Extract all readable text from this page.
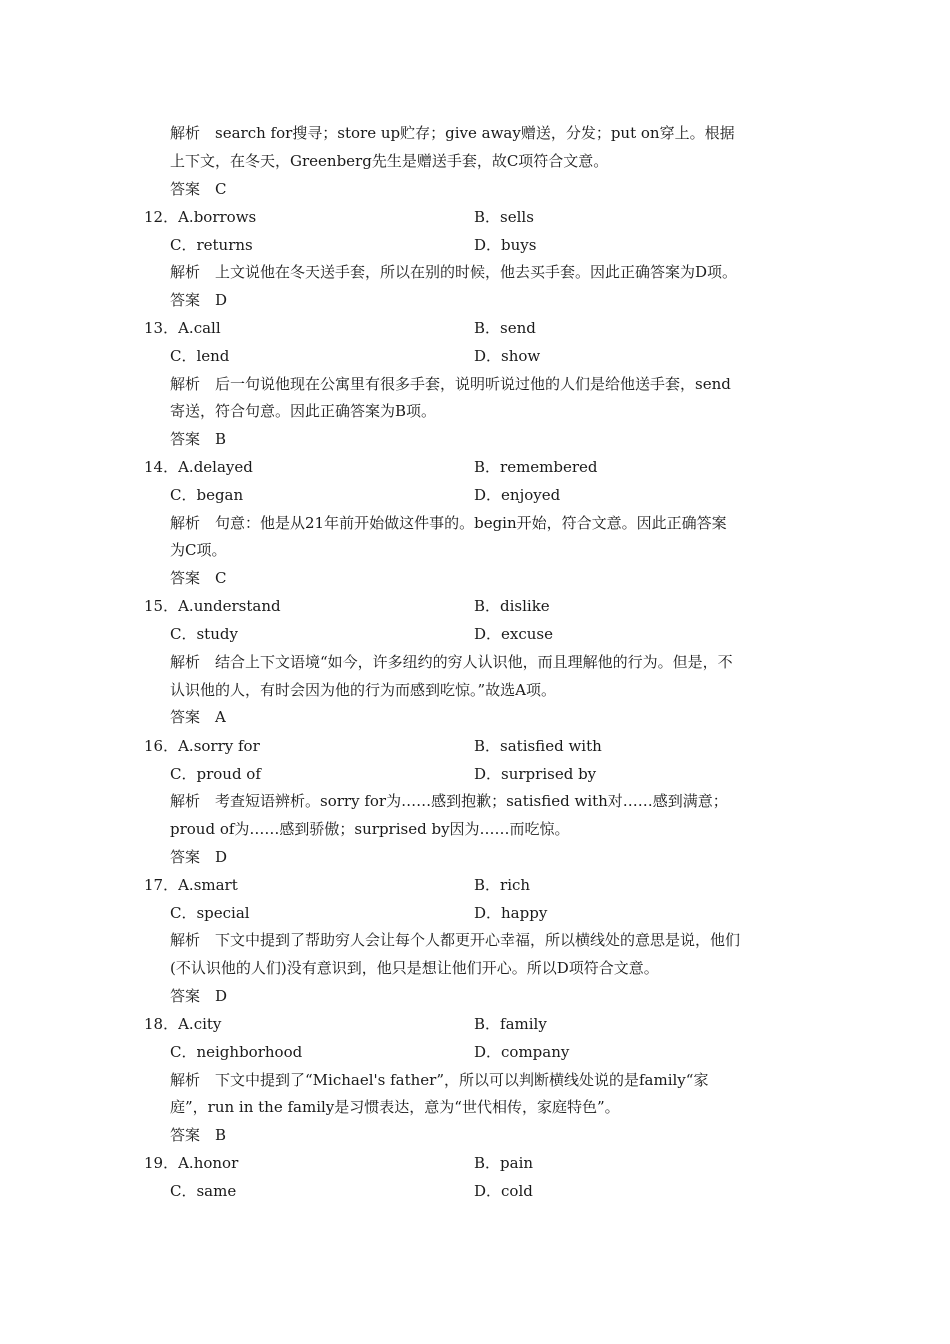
解析　search for搜寻；store up贮存；give away赠送，分发；put on穿上。根据
上下文，在冬天，Greenberg先生是赠送手套，故C项符合文意。
答案　C
12．A.borrows	B．sells
C．returns	D．buys
解析　上文说他在冬天送手套，所以在别的时候，他去买手套。因此正确答案为D项。
答案　D
13．A.call	B．send
C．lend	D．show
解析　后一句说他现在公寓里有很多手套，说明听说过他的人们是给他送手套，send
寄送，符合句意。因此正确答案为B项。
答案　B
14．A.delayed	B．remembered
C．began	D．enjoyed
解析　句意：他是从21年前开始做这件事的。begin开始，符合文意。因此正确答案
为C项。
答案　C
15．A.understand	B．dislike
C．study	D．excuse
解析　结合上下文语境“如今，许多纽约的穷人认识他，而且理解他的行为。但是，不
认识他的人，有时会因为他的行为而感到吃惊。”故选A项。
答案　A
16．A.sorry for	B．satisfied with
C．proud of	D．surprised by
解析　考查短语辨析。sorry for为……感到抱歉；satisfied with对……感到满意；
proud of为……感到骄傲；surprised by因为……而吃惊。
答案　D
17．A.smart	B．rich
C．special	D．happy
解析　下文中提到了帮助穷人会让每个人都更开心幸福，所以横线处的意思是说，他们
(不认识他的人们)没有意识到，他只是想让他们开心。所以D项符合文意。
答案　D
18．A.city	B．family
C．neighborhood	D．company
解析　下文中提到了“Michael's father”，所以可以判断横线处说的是family“家
庭”，run in the family是习惯表达，意为“世代相传，家庭特色”。
答案　B
19．A.honor	B．pain
C．same	D．cold
